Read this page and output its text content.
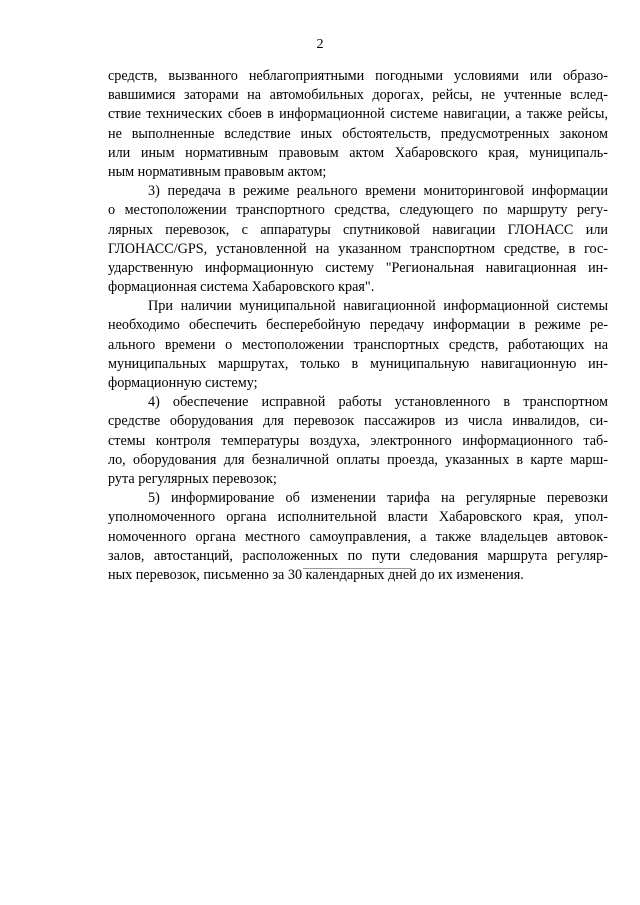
2
средств, вызванного неблагоприятными погодными условиями или образо-
вавшимися заторами на автомобильных дорогах, рейсы, не учтенные вслед-
ствие технических сбоев в информационной системе навигации, а также рейсы,
не выполненные вследствие иных обстоятельств, предусмотренных законом
или иным нормативным правовым актом Хабаровского края, муниципаль-
ным нормативным правовым актом;
3) передача в режиме реального времени мониторинговой информации
о местоположении транспортного средства, следующего по маршруту регу-
лярных перевозок, с аппаратуры спутниковой навигации ГЛОНАСС или
ГЛОНАСС/GPS, установленной на указанном транспортном средстве, в гос-
ударственную информационную систему "Региональная навигационная ин-
формационная система Хабаровского края".
При наличии муниципальной навигационной информационной системы
необходимо обеспечить бесперебойную передачу информации в режиме ре-
ального времени о местоположении транспортных средств, работающих на
муниципальных маршрутах, только в муниципальную навигационную ин-
формационную систему;
4) обеспечение исправной работы установленного в транспортном
средстве оборудования для перевозок пассажиров из числа инвалидов, си-
стемы контроля температуры воздуха, электронного информационного таб-
ло, оборудования для безналичной оплаты проезда, указанных в карте марш-
рута регулярных перевозок;
5) информирование об изменении тарифа на регулярные перевозки
уполномоченного органа исполнительной власти Хабаровского края, упол-
номоченного органа местного самоуправления, а также владельцев автовок-
залов, автостанций, расположенных по пути следования маршрута регуляр-
ных перевозок, письменно за 30 календарных дней до их изменения.
